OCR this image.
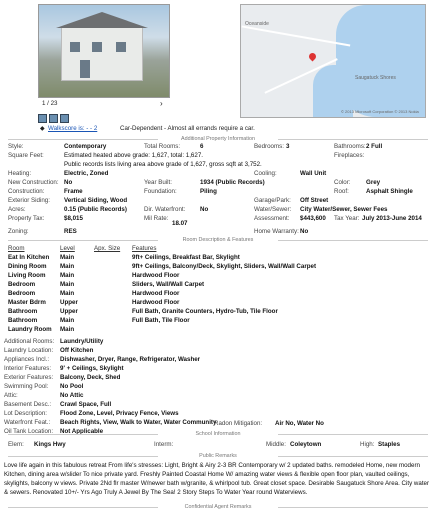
1 / 23	›
◆ Walkscore is: - - 2	Car-Dependent - Almost all errands require a car.
Oceanside
Saugatuck Shores
© 2013 Microsoft Corporation © 2013 Nokia
Additional Property Information
Style:	Contemporary	Total Rooms:	6	Bedrooms: 3	Bathrooms: 2 Full
Square Feet:	Estimated heated above grade: 1,627, total: 1,627.	Fireplaces:
Public records lists living area above grade of 1,627, gross sqft at 3,752.
Heating:	Electric, Zoned	Cooling:	Wall Unit
New Construction: No	Year Built:	1934 (Public Records)	Color: Grey
Construction:	Frame	Foundation:	Piling	Roof:	Asphalt Shingle
Exterior Siding: Vertical Siding, Wood	Garage/Park: Off Street
Acres:	0.15 (Public Records)	Dir. Waterfront: No	Water/Sewer: City Water/Sewer, Sewer Fees
Property Tax:	$8,015	Mil Rate:
18.07
Assessment: $443,600 Tax Year: July 2013-June 2014
Zoning:	RES	Home Warranty: No
Room Description & Features
Room	Level	Apx. Size Features
Eat In Kitchen Main	9ft+ Ceilings, Breakfast Bar, Skylight
Dining Room Main	9ft+ Ceilings, Balcony/Deck, Skylight, Sliders, Wall/Wall Carpet
Living Room Main	Hardwood Floor
Bedroom	Main	Sliders, Wall/Wall Carpet
Bedroom	Main	Hardwood Floor
Master Bdrm Upper	Hardwood Floor
Bathroom	Upper	Full Bath, Granite Counters, Hydro-Tub, Tile Floor
Bathroom	Main	Full Bath, Tile Floor
Laundry Room Main
Additional Rooms: Laundry/Utility
Laundry Location: Off Kitchen
Appliances Incl.: Dishwasher, Dryer, Range, Refrigerator, Washer
Interior Features: 9' + Ceilings, Skylight
Exterior Features: Balcony, Deck, Shed
Swimming Pool: No Pool
Attic:	No Attic
Basement Desc.: Crawl Space, Full
Lot Description: Flood Zone, Level, Privacy Fence, Views
Waterfront Feat.: Beach Rights, View, Walk to Water, Water Community
Oil Tank Location: Not Applicable
Radon Mitigation: Air No, Water No
School Information
Elem: Kings Hwy	Interm:	Middle: Coleytown	High: Staples
Public Remarks
Love life again in this fabulous retreat From life's stresses: Light, Bright & Airy 2-3 BR Contemporary w/ 2 updated baths. remodeled Home, new modern Kitchen, dining area w/slider To nice private yard. Freshly Painted Coastal Home W/ amazing water views & flexible open floor plan, vaulted ceilings, skylights, balcony w views. Private 2Nd flr master W/newer bath w/granite, & whirlpool tub. Great closet space. Desirable Saugatuck Shore Area. City water & sewers. Renovated 10+/- Yrs Ago Truly A Jewel By The Sea! 2 Story Steps To Water Year round Waterviews.
Confidential Agent Remarks
